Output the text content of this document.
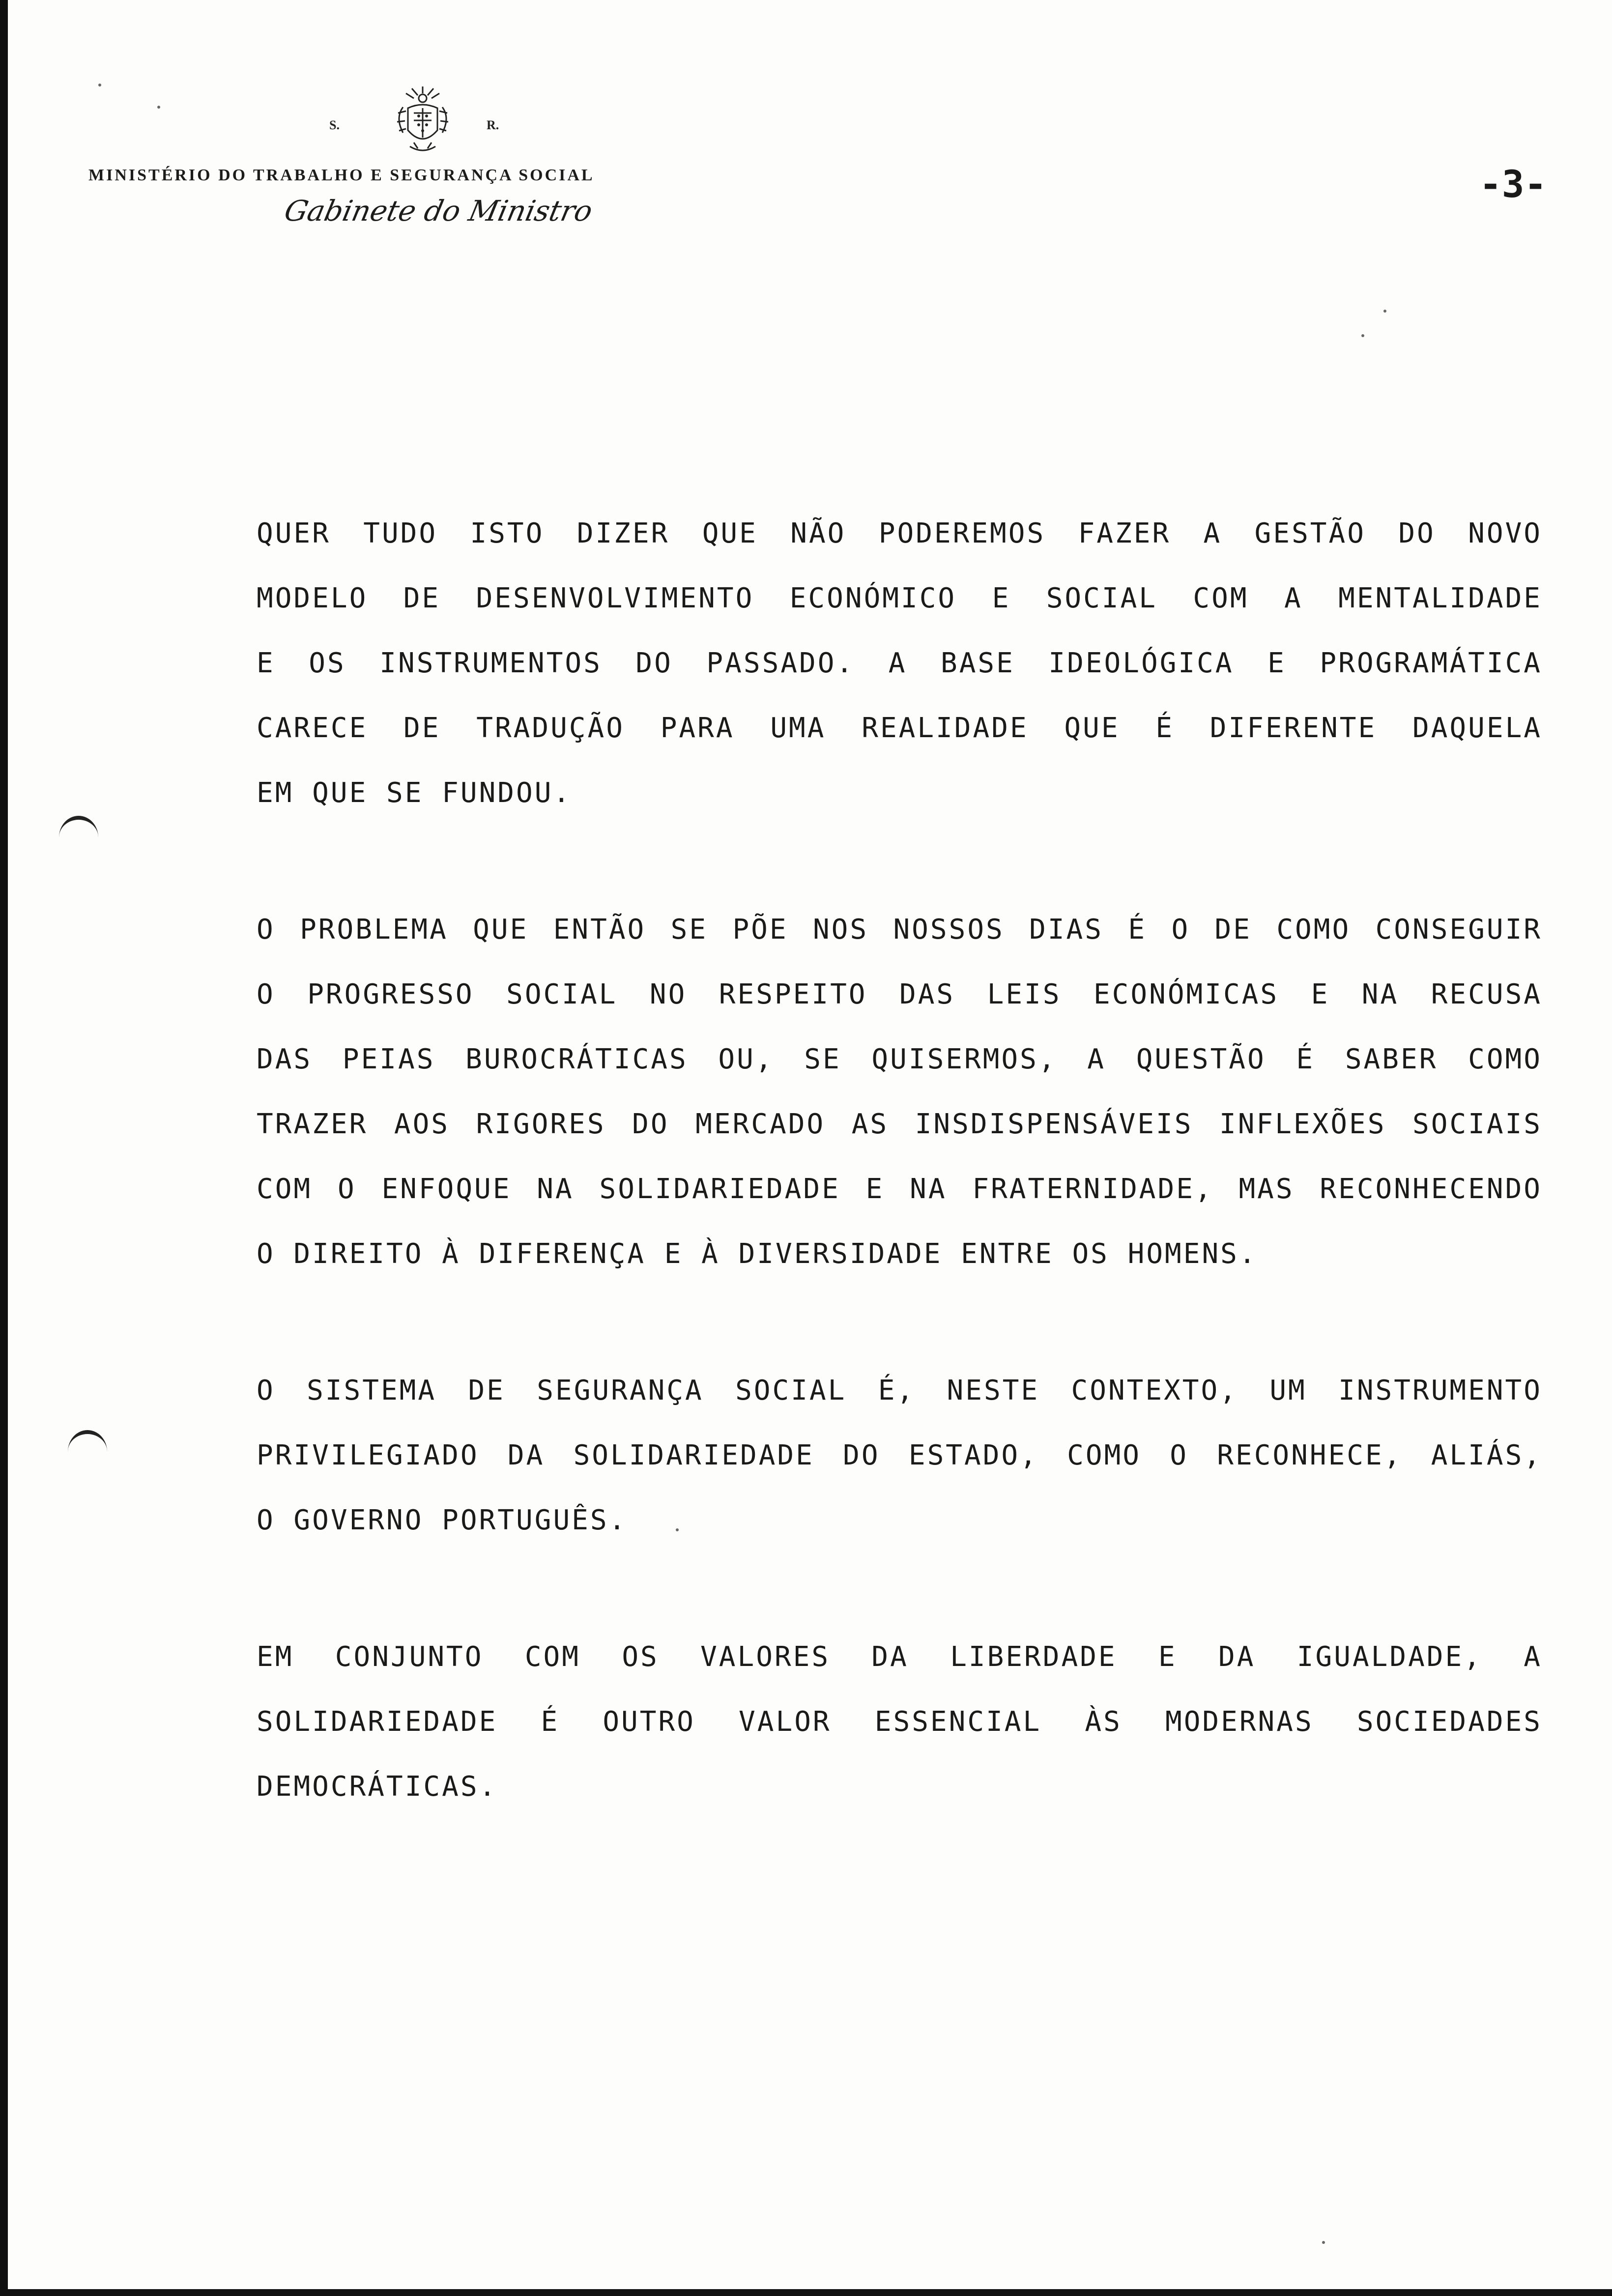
S.	R.
MINISTÉRIO DO TRABALHO E SEGURANÇA SOCIAL
Gabinete do Ministro
-3-
QUER TUDO ISTO DIZER QUE NÃO PODEREMOS FAZER A GESTÃO DO NOVO
MODELO DE DESENVOLVIMENTO ECONÓMICO E SOCIAL COM A MENTALIDADE
E OS INSTRUMENTOS DO PASSADO. A BASE IDEOLÓGICA E PROGRAMÁTICA
CARECE DE TRADUÇÃO PARA UMA REALIDADE QUE É DIFERENTE DAQUELA
EM QUE SE FUNDOU.
O PROBLEMA QUE ENTÃO SE PÕE NOS NOSSOS DIAS É O DE COMO CONSEGUIR
O PROGRESSO SOCIAL NO RESPEITO DAS LEIS ECONÓMICAS E NA RECUSA
DAS PEIAS BUROCRÁTICAS OU, SE QUISERMOS, A QUESTÃO É SABER COMO
TRAZER AOS RIGORES DO MERCADO AS INSDISPENSÁVEIS INFLEXÕES SOCIAIS
COM O ENFOQUE NA SOLIDARIEDADE E NA FRATERNIDADE, MAS RECONHECENDO
O DIREITO À DIFERENÇA E À DIVERSIDADE ENTRE OS HOMENS.
O SISTEMA DE SEGURANÇA SOCIAL É, NESTE CONTEXTO, UM INSTRUMENTO
PRIVILEGIADO DA SOLIDARIEDADE DO ESTADO, COMO O RECONHECE, ALIÁS,
O GOVERNO PORTUGUÊS.
EM CONJUNTO COM OS VALORES DA LIBERDADE E DA IGUALDADE, A
SOLIDARIEDADE É OUTRO VALOR ESSENCIAL ÀS MODERNAS SOCIEDADES
DEMOCRÁTICAS.
